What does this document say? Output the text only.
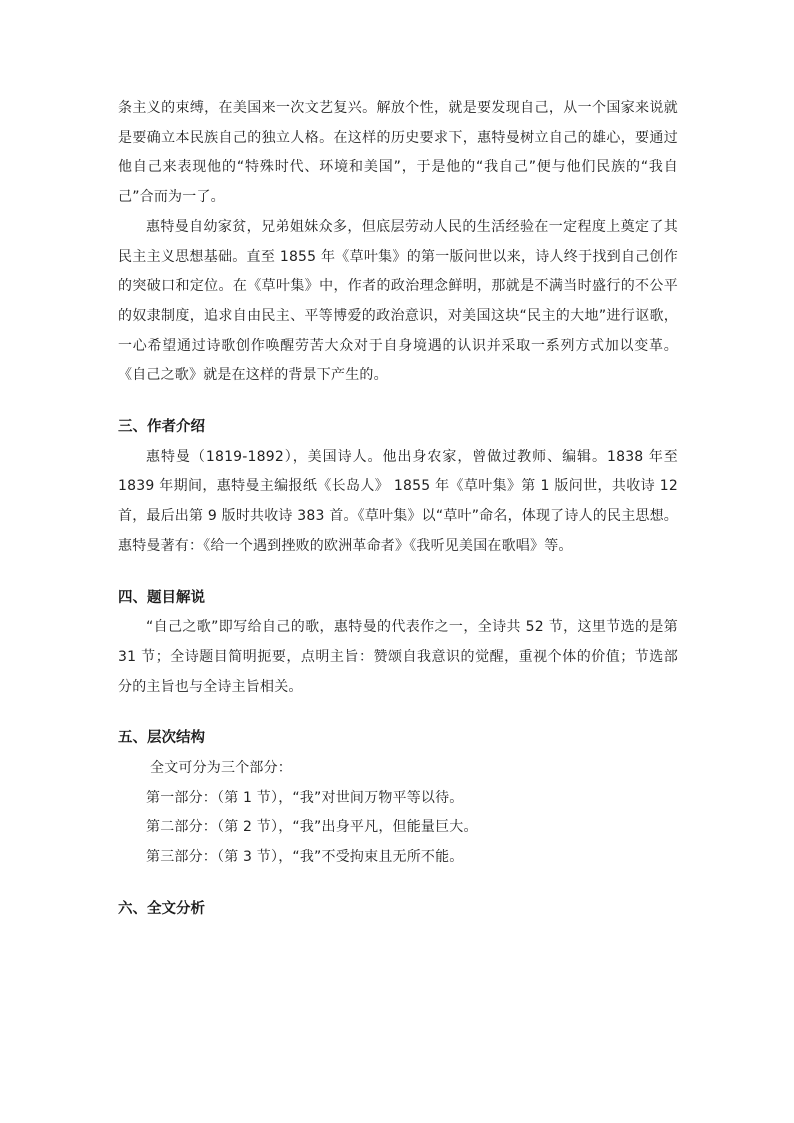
条主义的束缚，在美国来一次文艺复兴。解放个性，就是要发现自己，从一个国家来说就是要确立本民族自己的独立人格。在这样的历史要求下，惠特曼树立自己的雄心，要通过他自己来表现他的“特殊时代、环境和美国”，于是他的“我自己”便与他们民族的“我自己”合而为一了。

惠特曼自幼家贫，兄弟姐妹众多，但底层劳动人民的生活经验在一定程度上奠定了其民主主义思想基础。直至 1855 年《草叶集》的第一版问世以来，诗人终于找到自己创作的突破口和定位。在《草叶集》中，作者的政治理念鲜明，那就是不满当时盛行的不公平的奴隶制度，追求自由民主、平等博爱的政治意识，对美国这块“民主的大地”进行讴歌，一心希望通过诗歌创作唤醒劳苦大众对于自身境遇的认识并采取一系列方式加以变革。《自己之歌》就是在这样的背景下产生的。

三、作者介绍

惠特曼（1819-1892），美国诗人。他出身农家，曾做过教师、编辑。1838 年至 1839 年期间，惠特曼主编报纸《长岛人》 1855 年《草叶集》第 1 版问世，共收诗 12 首，最后出第 9 版时共收诗 383 首。《草叶集》以“草叶”命名，体现了诗人的民主思想。惠特曼著有：《给一个遇到挫败的欧洲革命者》《我听见美国在歌唱》等。

四、题目解说

“自己之歌”即写给自己的歌，惠特曼的代表作之一，全诗共 52 节，这里节选的是第 31 节；全诗题目简明扼要，点明主旨：赞颂自我意识的觉醒，重视个体的价值；节选部分的主旨也与全诗主旨相关。

五、层次结构

全文可分为三个部分：

第一部分：（第 1 节），“我”对世间万物平等以待。

第二部分：（第 2 节），“我”出身平凡，但能量巨大。

第三部分：（第 3 节），“我”不受拘束且无所不能。

六、全文分析
